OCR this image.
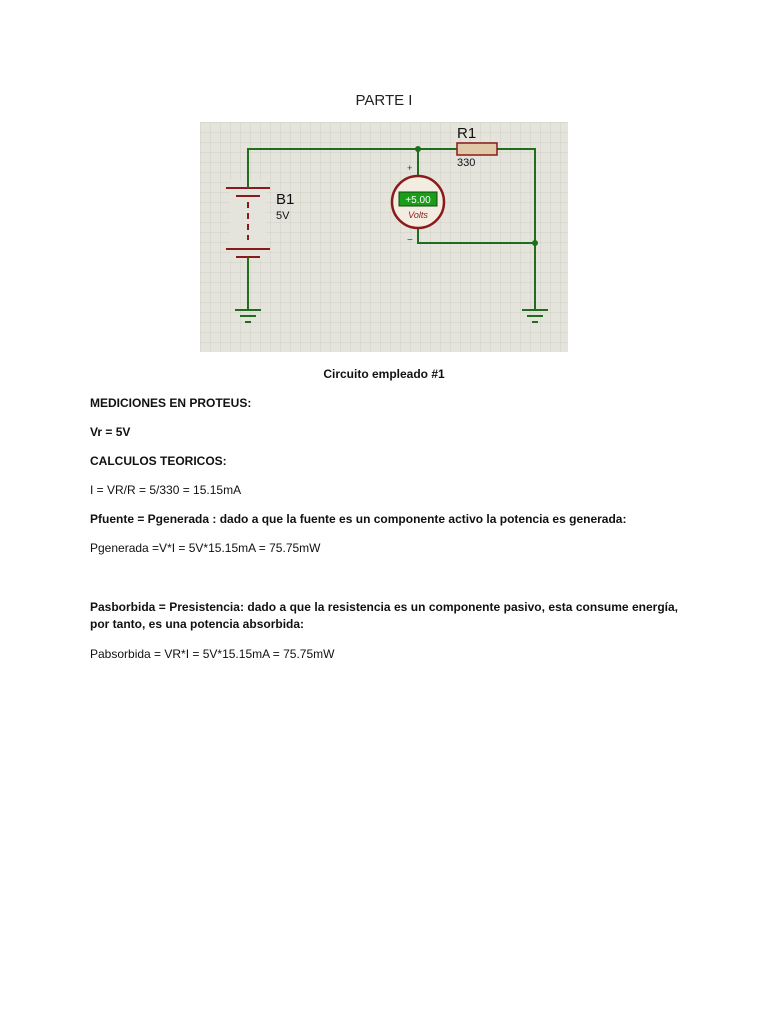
PARTE I
B1
5V
R1
330
+5.00
Volts
+
−
Circuito empleado #1
MEDICIONES EN PROTEUS:
Vr = 5V
CALCULOS TEORICOS:
I = VR/R = 5/330 = 15.15mA
Pfuente = Pgenerada : dado a que la fuente es un componente activo la potencia es generada:
Pgenerada =V*I = 5V*15.15mA = 75.75mW
Pasborbida = Presistencia: dado a que la resistencia es un componente pasivo, esta consume energía, por tanto, es una potencia absorbida:
Pabsorbida = VR*I = 5V*15.15mA = 75.75mW
